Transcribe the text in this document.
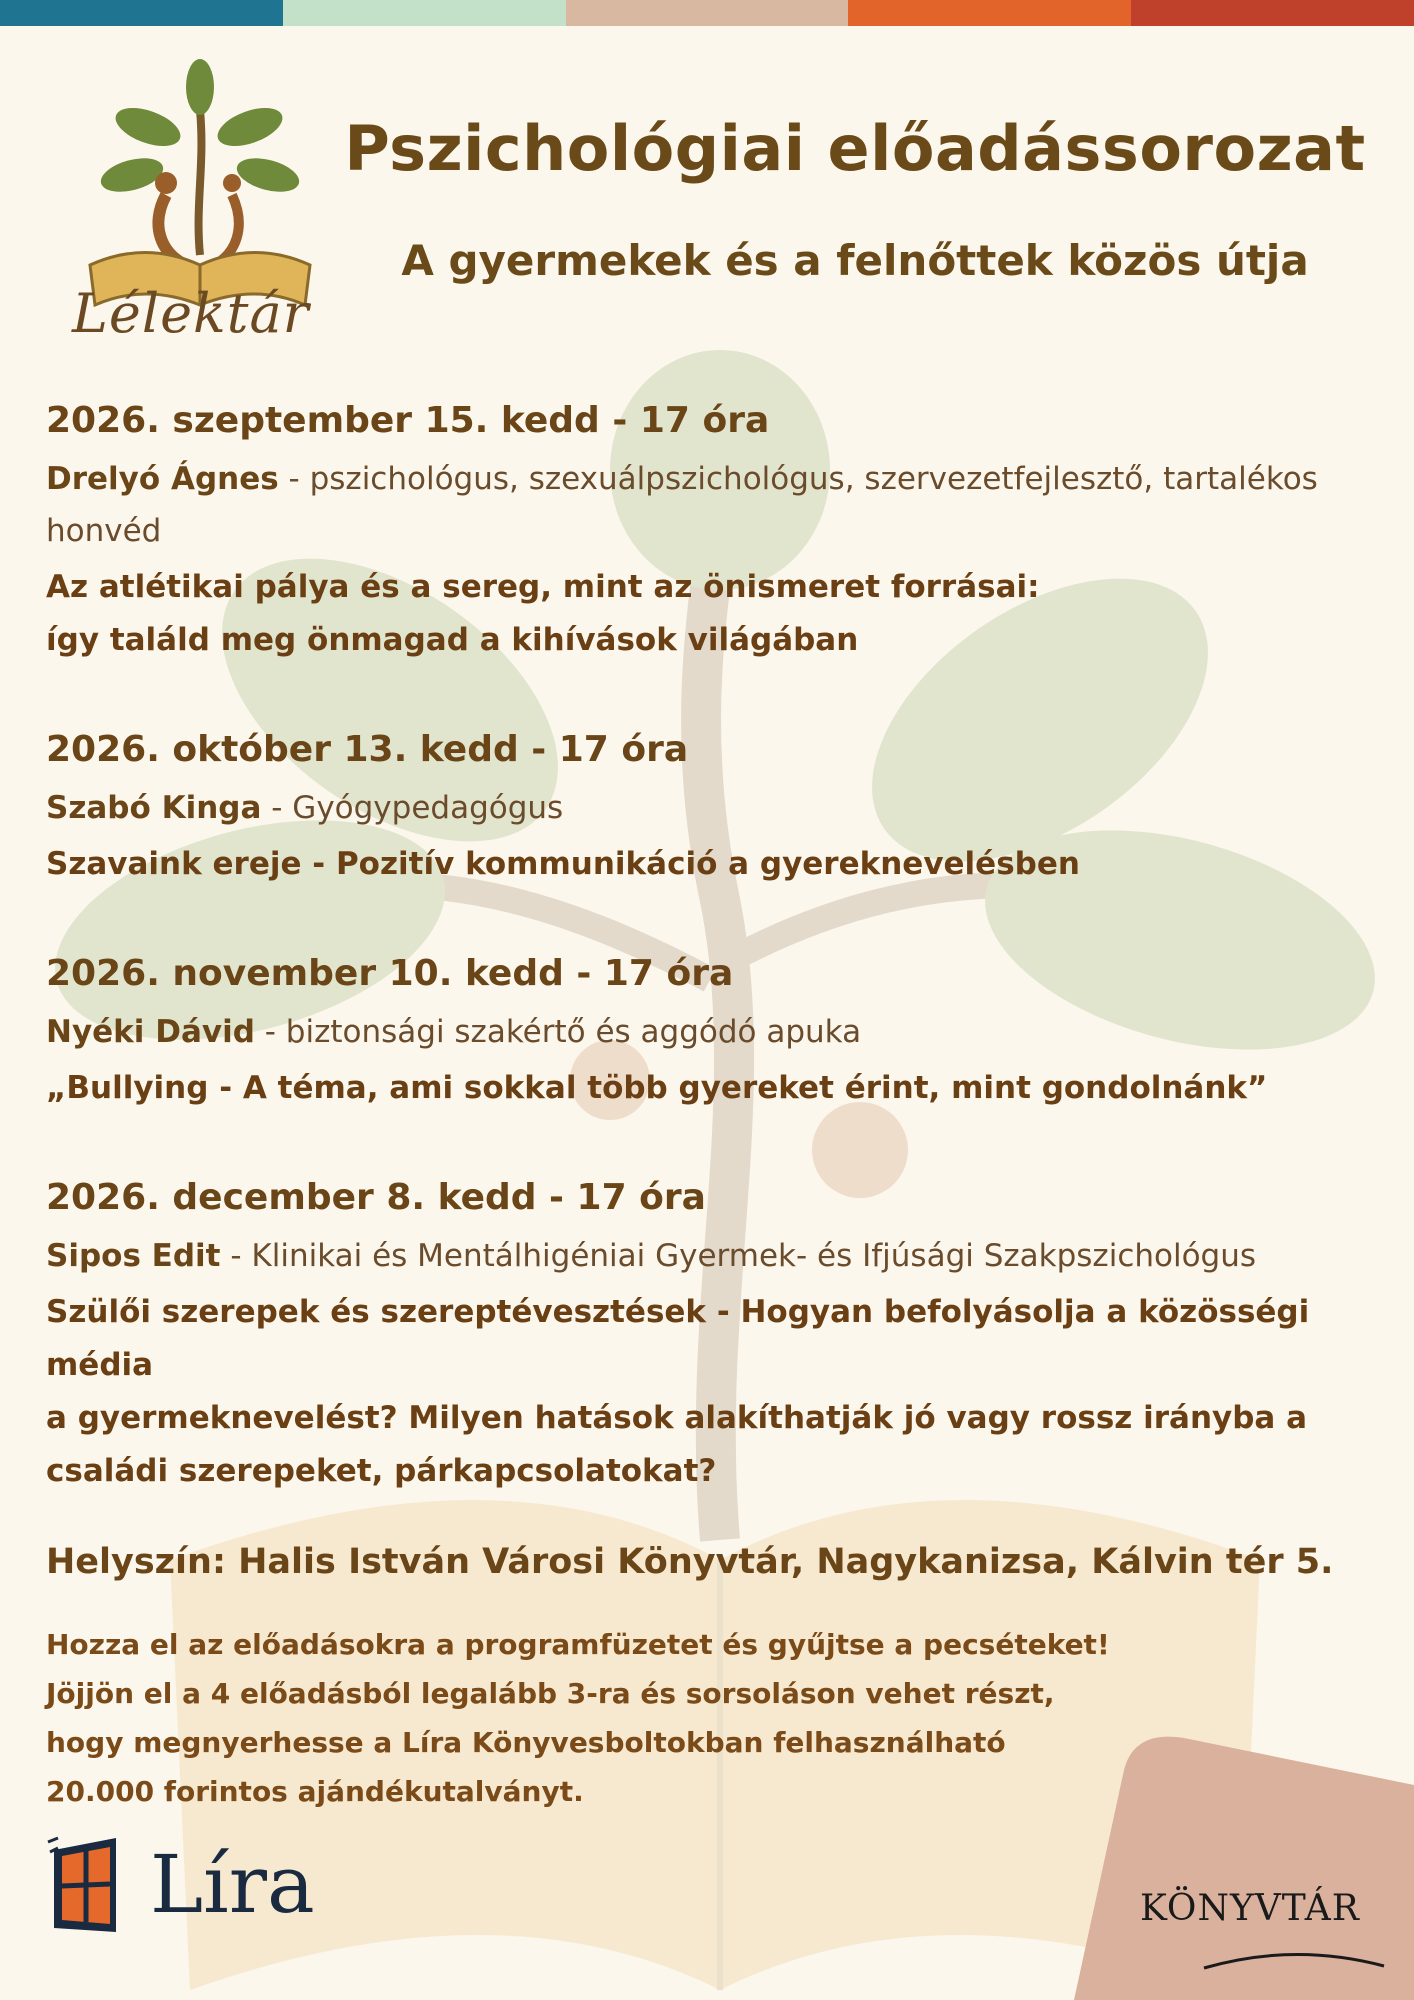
Lélektár
Pszichológiai előadássorozat
A gyermekek és a felnőttek közös útja

2026. szeptember 15. kedd - 17 óra

Drelyó Ágnes - pszichológus, szexuálpszichológus, szervezetfejlesztő, tartalékos honvéd

Az atlétikai pálya és a sereg, mint az önismeret forrásai:
így találd meg önmagad a kihívások világában

2026. október 13. kedd - 17 óra

Szabó Kinga - Gyógypedagógus

Szavaink ereje - Pozitív kommunikáció a gyereknevelésben

2026. november 10. kedd - 17 óra

Nyéki Dávid - biztonsági szakértő és aggódó apuka

„Bullying - A téma, ami sokkal több gyereket érint, mint gondolnánk”

2026. december 8. kedd - 17 óra

Sipos Edit - Klinikai és Mentálhigéniai Gyermek- és Ifjúsági Szakpszichológus

Szülői szerepek és szereptévesztések - Hogyan befolyásolja a közösségi média
a gyermeknevelést? Milyen hatások alakíthatják jó vagy rossz irányba a
családi szerepeket, párkapcsolatokat?

Helyszín: Halis István Városi Könyvtár, Nagykanizsa, Kálvin tér 5.

Hozza el az előadásokra a programfüzetet és gyűjtse a pecséteket!

Jöjjön el a 4 előadásból legalább 3-ra és sorsoláson vehet részt,

hogy megnyerhesse a Líra Könyvesboltokban felhasználható

20.000 forintos ajándékutalványt.

Líra	KÖNYVTÁR
